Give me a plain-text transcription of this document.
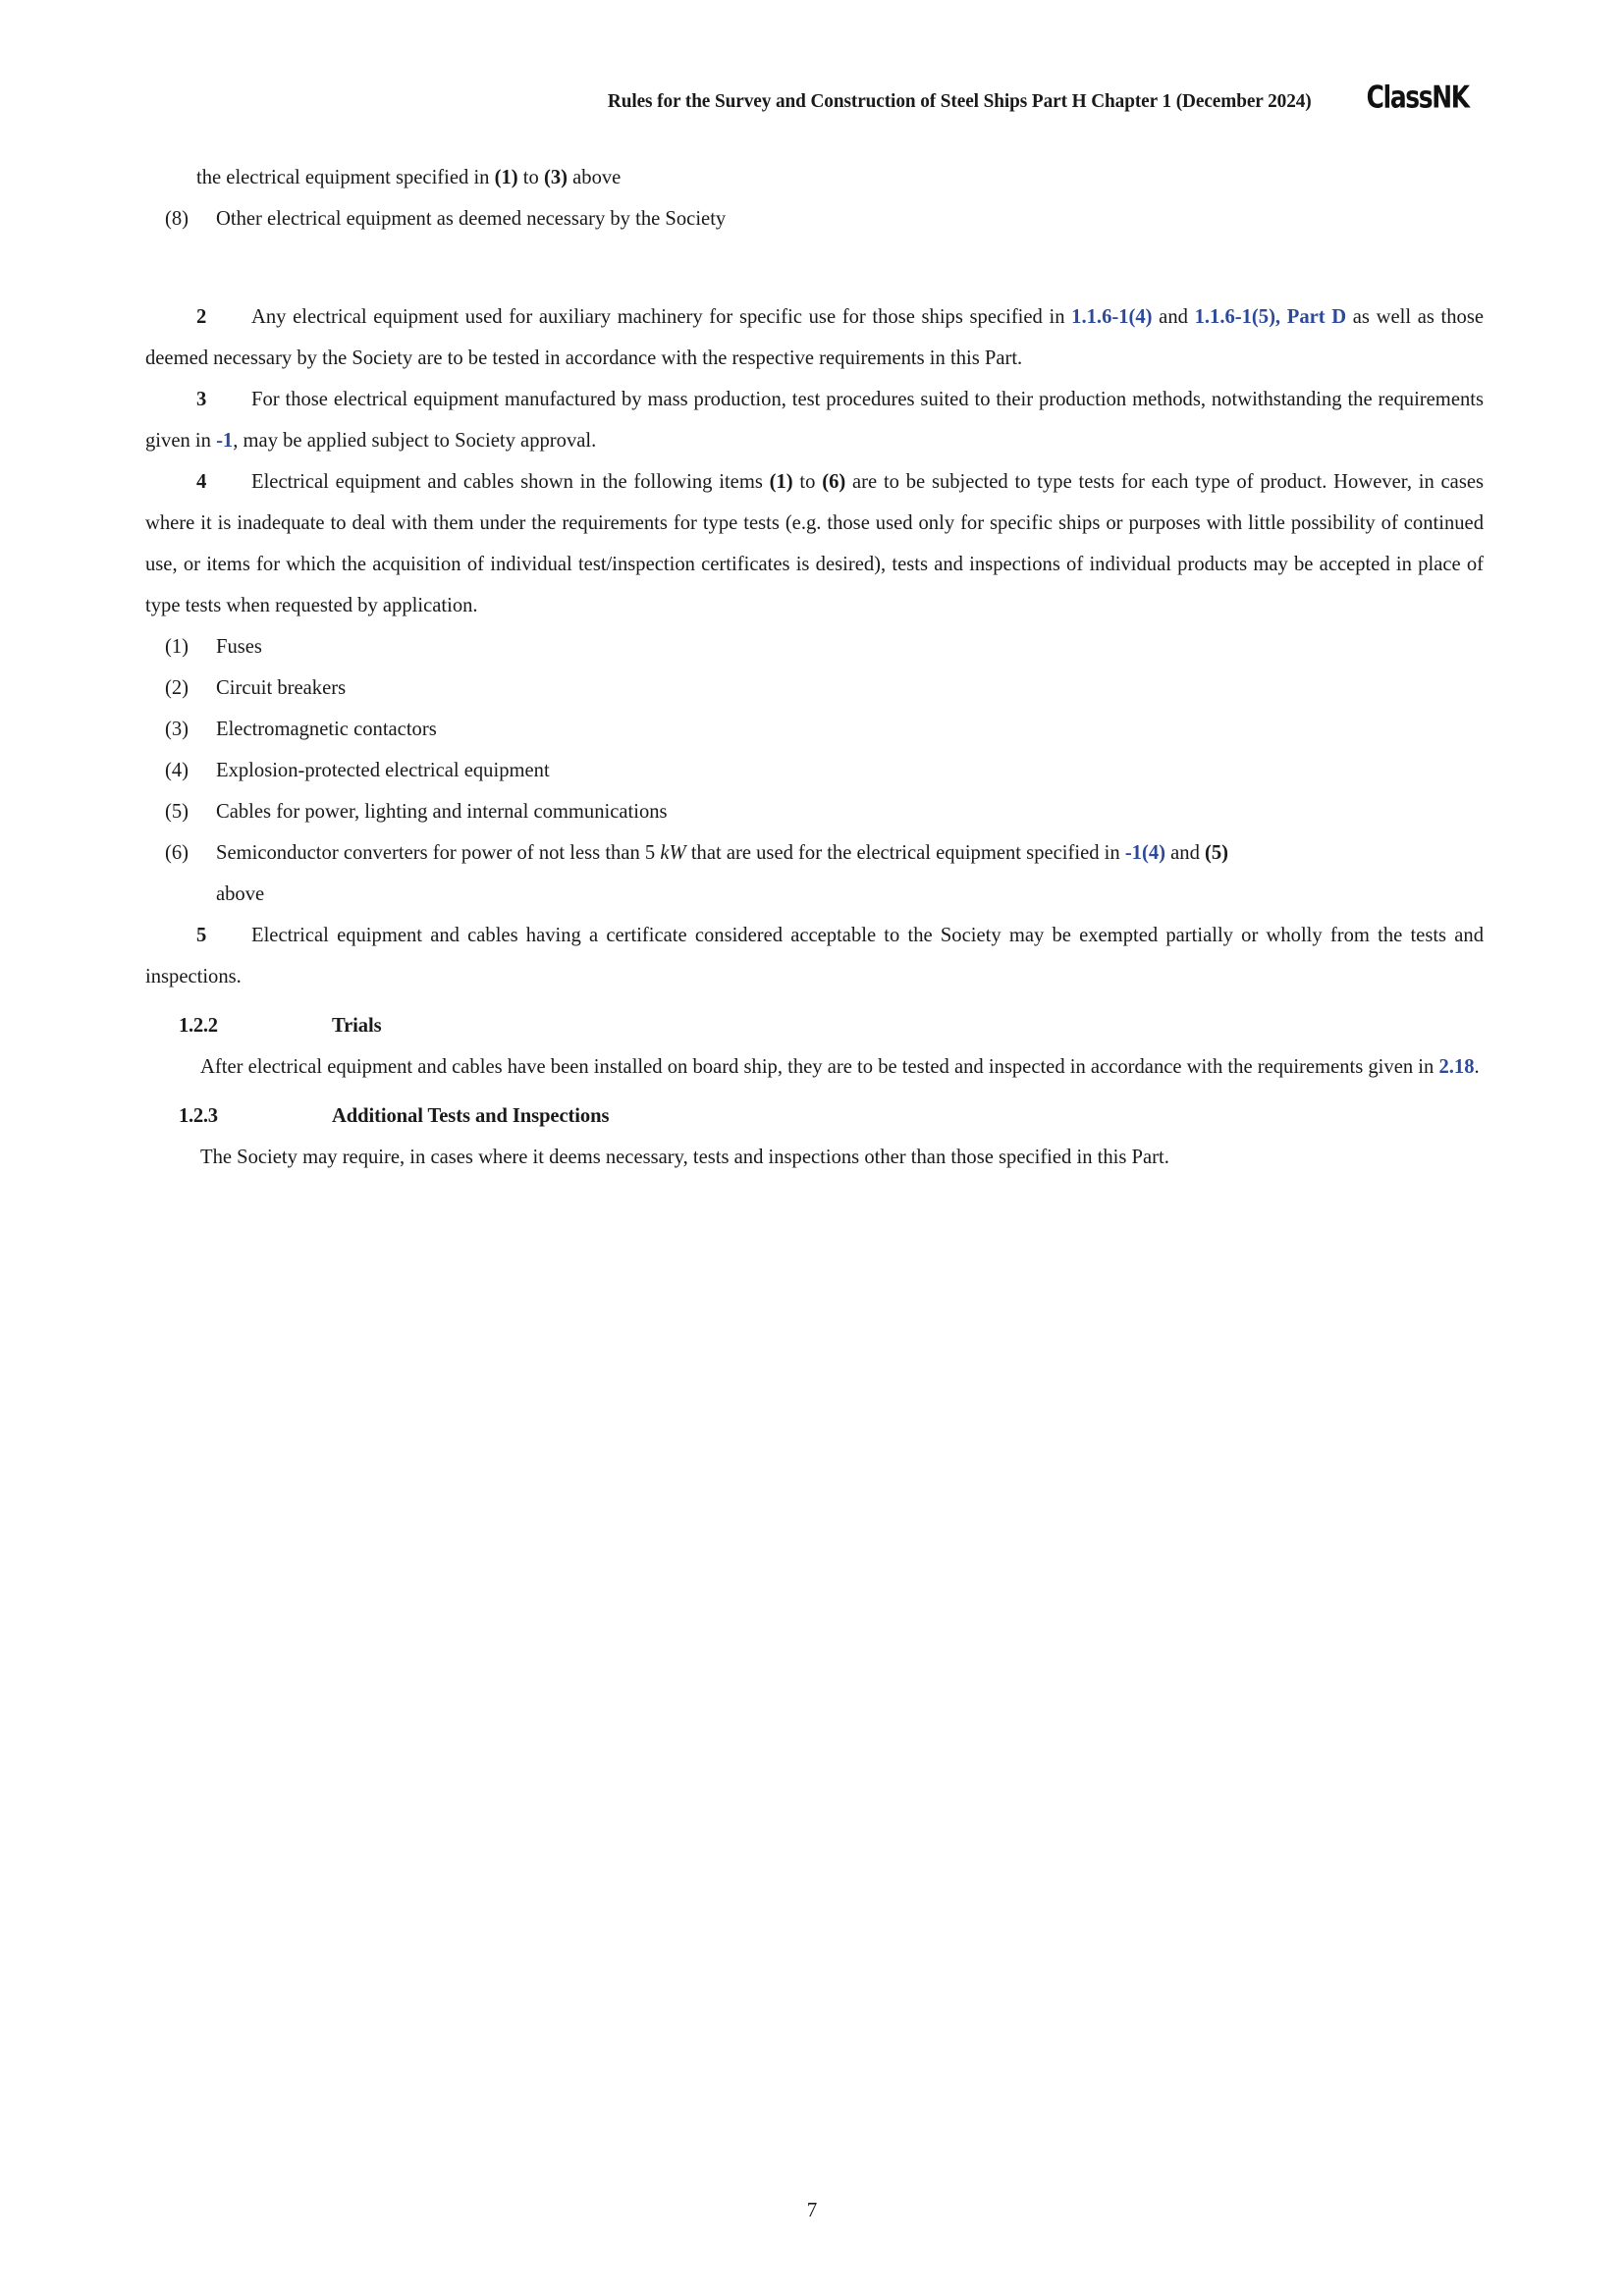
Rules for the Survey and Construction of Steel Ships Part H Chapter 1 (December 2024) ClassNK

the electrical equipment specified in (1) to (3) above

(8)	Other electrical equipment as deemed necessary by the Society

2 Any electrical equipment used for auxiliary machinery for specific use for those ships specified in 1.1.6-1(4) and 1.1.6-1(5), Part D as well as those deemed necessary by the Society are to be tested in accordance with the respective requirements in this Part.

3 For those electrical equipment manufactured by mass production, test procedures suited to their production methods, notwithstanding the requirements given in -1, may be applied subject to Society approval.

4 Electrical equipment and cables shown in the following items (1) to (6) are to be subjected to type tests for each type of product. However, in cases where it is inadequate to deal with them under the requirements for type tests (e.g. those used only for specific ships or purposes with little possibility of continued use, or items for which the acquisition of individual test/inspection certificates is desired), tests and inspections of individual products may be accepted in place of type tests when requested by application.

(1)	Fuses
(2)	Circuit breakers
(3)	Electromagnetic contactors
(4)	Explosion-protected electrical equipment
(5)	Cables for power, lighting and internal communications
(6)	Semiconductor converters for power of not less than 5 kW that are used for the electrical equipment specified in -1(4) and (5)
above

5 Electrical equipment and cables having a certificate considered acceptable to the Society may be exempted partially or wholly from the tests and inspections.

1.2.2	Trials

After electrical equipment and cables have been installed on board ship, they are to be tested and inspected in accordance with the requirements given in 2.18.

1.2.3	Additional Tests and Inspections

The Society may require, in cases where it deems necessary, tests and inspections other than those specified in this Part.

7
